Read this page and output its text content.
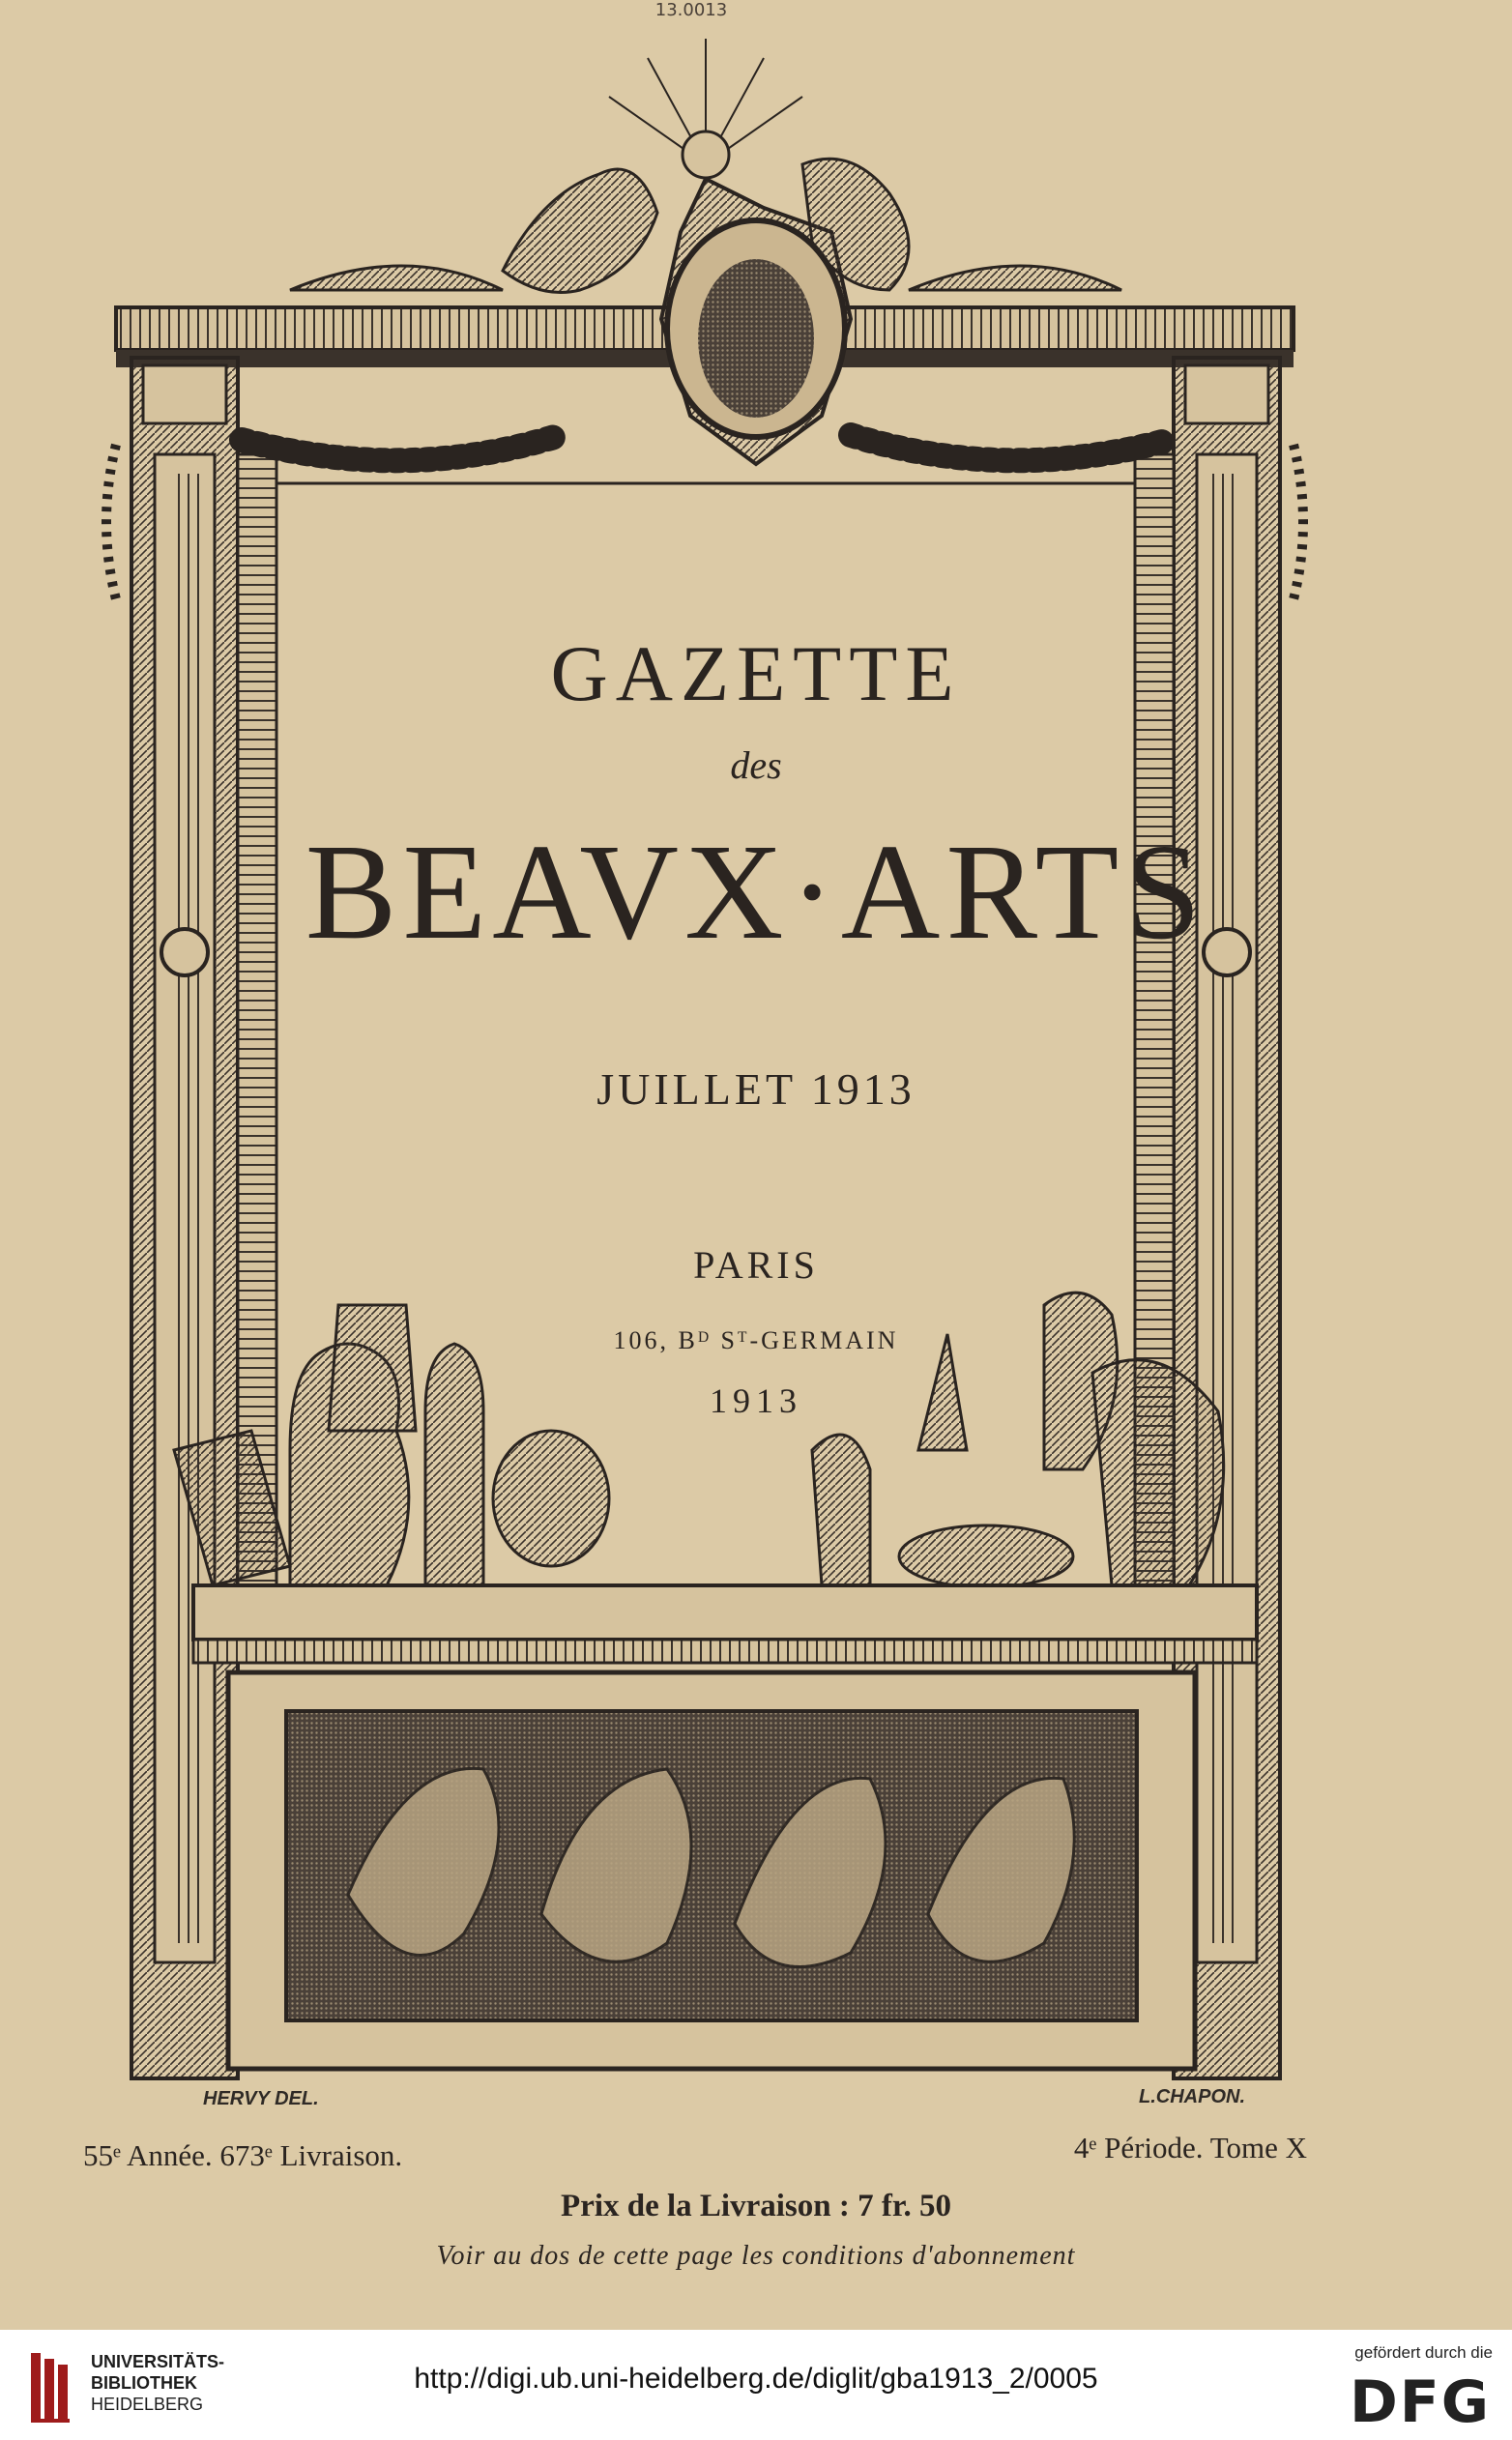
13.0013
GAZETTE
des
BEAVX·ARTS
JUILLET 1913
PARIS
106, Bᴰ Sᵀ-GERMAIN
1913
HERVY DEL.	L.CHAPON.
55ᵉ Année. 673ᵉ Livraison.	4ᵉ Période. Tome X
Prix de la Livraison : 7 fr. 50
Voir au dos de cette page les conditions d'abonnement
UNIVERSITÄTS-
BIBLIOTHEK
HEIDELBERG
http://digi.ub.uni-heidelberg.de/diglit/gba1913_2/0005
gefördert durch die
DFG
